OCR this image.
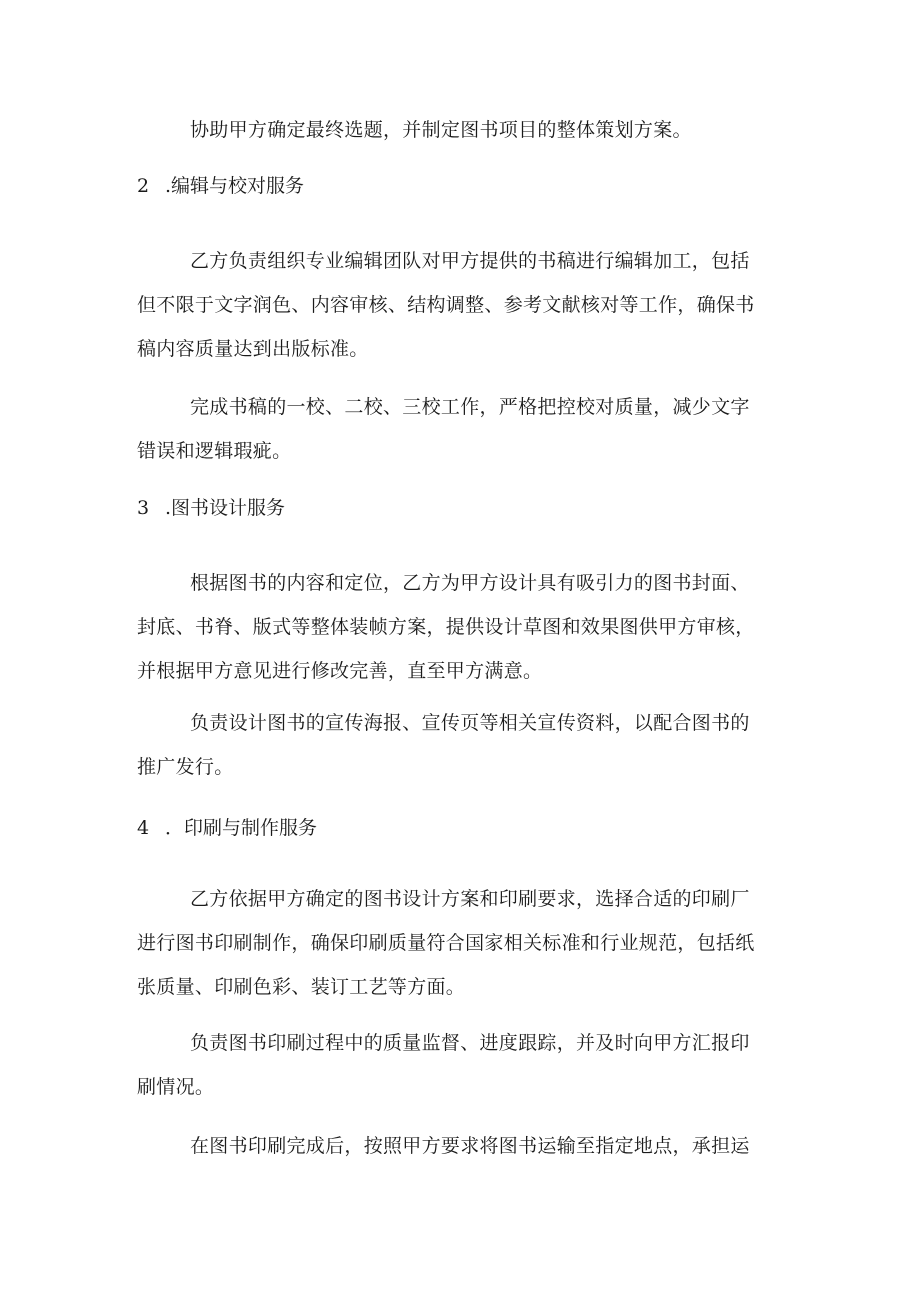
协助甲方确定最终选题，并制定图书项目的整体策划方案。

2 .编辑与校对服务

乙方负责组织专业编辑团队对甲方提供的书稿进行编辑加工，包括
但不限于文字润色、内容审核、结构调整、参考文献核对等工作，确保书
稿内容质量达到出版标准。

完成书稿的一校、二校、三校工作，严格把控校对质量，减少文字
错误和逻辑瑕疵。

3 .图书设计服务

根据图书的内容和定位，乙方为甲方设计具有吸引力的图书封面、
封底、书脊、版式等整体装帧方案，提供设计草图和效果图供甲方审核，
并根据甲方意见进行修改完善，直至甲方满意。

负责设计图书的宣传海报、宣传页等相关宣传资料，以配合图书的
推广发行。

4 ．印刷与制作服务

乙方依据甲方确定的图书设计方案和印刷要求，选择合适的印刷厂
进行图书印刷制作，确保印刷质量符合国家相关标准和行业规范，包括纸
张质量、印刷色彩、装订工艺等方面。

负责图书印刷过程中的质量监督、进度跟踪，并及时向甲方汇报印
刷情况。

在图书印刷完成后，按照甲方要求将图书运输至指定地点，承担运
